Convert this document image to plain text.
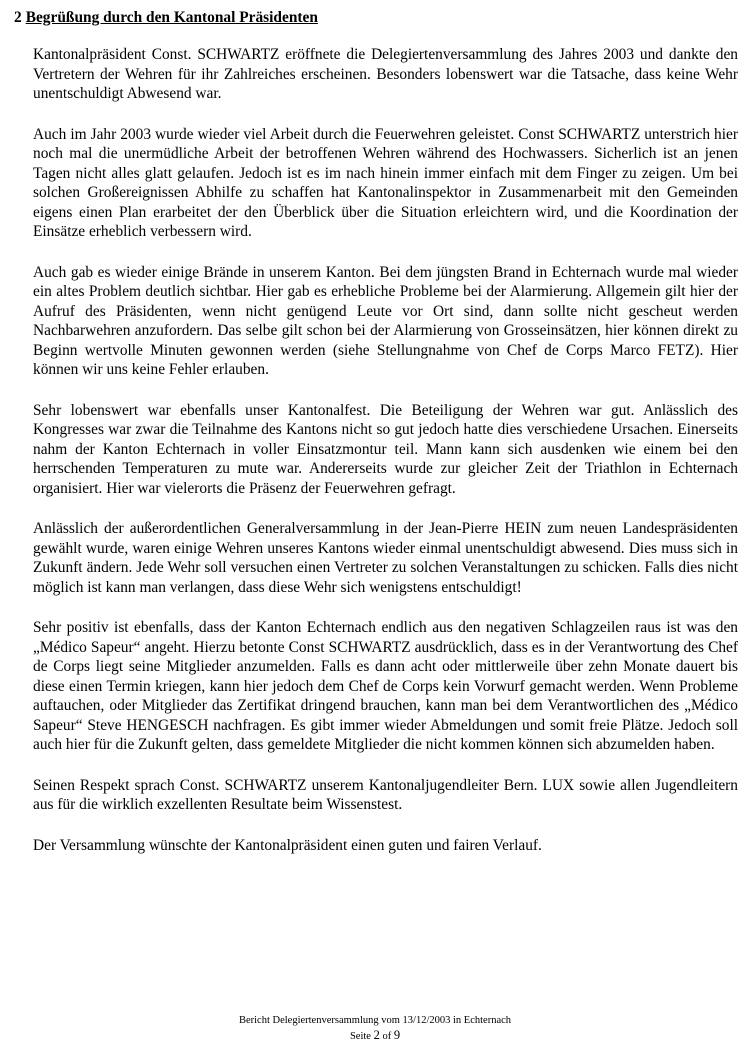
2 Begrüßung durch den Kantonal Präsidenten

Kantonalpräsident Const. SCHWARTZ eröffnete die Delegiertenversammlung des Jahres 2003 und dankte den Vertretern der Wehren für ihr Zahlreiches erscheinen. Besonders lobenswert war die Tatsache, dass keine Wehr unentschuldigt Abwesend war.

Auch im Jahr 2003 wurde wieder viel Arbeit durch die Feuerwehren geleistet. Const SCHWARTZ unterstrich hier noch mal die unermüdliche Arbeit der betroffenen Wehren während des Hochwassers. Sicherlich ist an jenen Tagen nicht alles glatt gelaufen. Jedoch ist es im nach hinein immer einfach mit dem Finger zu zeigen. Um bei solchen Großereignissen Abhilfe zu schaffen hat Kantonalinspektor in Zusammenarbeit mit den Gemeinden eigens einen Plan erarbeitet der den Überblick über die Situation erleichtern wird, und die Koordination der Einsätze erheblich verbessern wird.

Auch gab es wieder einige Brände in unserem Kanton. Bei dem jüngsten Brand in Echternach wurde mal wieder ein altes Problem deutlich sichtbar. Hier gab es erhebliche Probleme bei der Alarmierung. Allgemein gilt hier der Aufruf des Präsidenten, wenn nicht genügend Leute vor Ort sind, dann sollte nicht gescheut werden Nachbarwehren anzufordern. Das selbe gilt schon bei der Alarmierung von Grosseinsätzen, hier können direkt zu Beginn wertvolle Minuten gewonnen werden (siehe Stellungnahme von Chef de Corps Marco FETZ). Hier können wir uns keine Fehler erlauben.

Sehr lobenswert war ebenfalls unser Kantonalfest. Die Beteiligung der Wehren war gut. Anlässlich des Kongresses war zwar die Teilnahme des Kantons nicht so gut jedoch hatte dies verschiedene Ursachen. Einerseits nahm der Kanton Echternach in voller Einsatzmontur teil. Mann kann sich ausdenken wie einem bei den herrschenden Temperaturen zu mute war. Andererseits wurde zur gleicher Zeit der Triathlon in Echternach organisiert. Hier war vielerorts die Präsenz der Feuerwehren gefragt.

Anlässlich der außerordentlichen Generalversammlung in der Jean-Pierre HEIN zum neuen Landespräsidenten gewählt wurde, waren einige Wehren unseres Kantons wieder einmal unentschuldigt abwesend. Dies muss sich in Zukunft ändern. Jede Wehr soll versuchen einen Vertreter zu solchen Veranstaltungen zu schicken. Falls dies nicht möglich ist kann man verlangen, dass diese Wehr sich wenigstens entschuldigt!

Sehr positiv ist ebenfalls, dass der Kanton Echternach endlich aus den negativen Schlagzeilen raus ist was den „Médico Sapeur“ angeht. Hierzu betonte Const SCHWARTZ ausdrücklich, dass es in der Verantwortung des Chef de Corps liegt seine Mitglieder anzumelden. Falls es dann acht oder mittlerweile über zehn Monate dauert bis diese einen Termin kriegen, kann hier jedoch dem Chef de Corps kein Vorwurf gemacht werden. Wenn Probleme auftauchen, oder Mitglieder das Zertifikat dringend brauchen, kann man bei dem Verantwortlichen des „Médico Sapeur“ Steve HENGESCH nachfragen. Es gibt immer wieder Abmeldungen und somit freie Plätze. Jedoch soll auch hier für die Zukunft gelten, dass gemeldete Mitglieder die nicht kommen können sich abzumelden haben.

Seinen Respekt sprach Const. SCHWARTZ unserem Kantonaljugendleiter Bern. LUX sowie allen Jugendleitern aus für die wirklich exzellenten Resultate beim Wissenstest.

Der Versammlung wünschte der Kantonalpräsident einen guten und fairen Verlauf.

Bericht Delegiertenversammlung vom 13/12/2003 in Echternach
Seite 2 of 9
